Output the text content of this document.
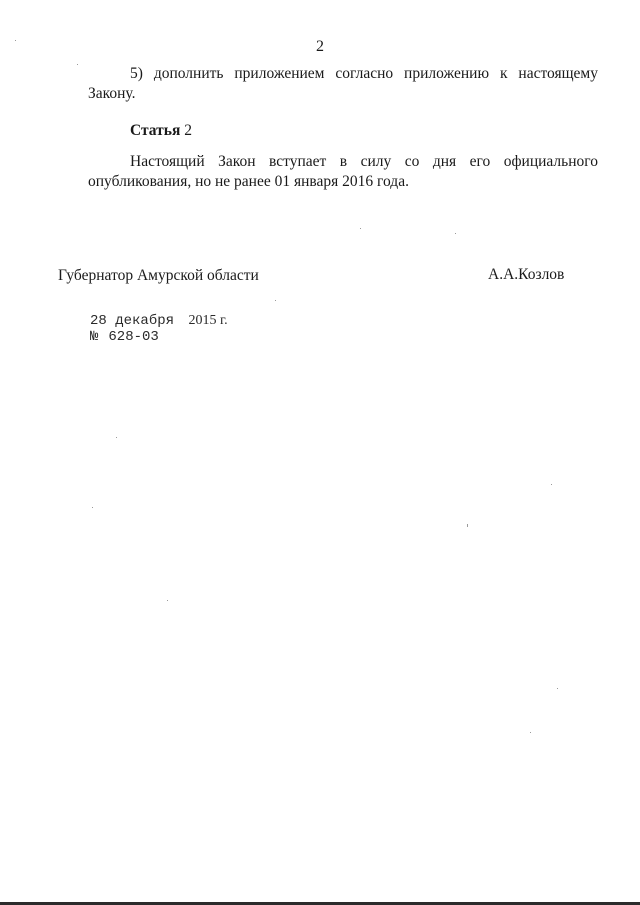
2
5) дополнить приложением согласно приложению к настоящему Закону.
Статья 2
Настоящий Закон вступает в силу со дня его официального опубликования, но не ранее 01 января 2016 года.
Губернатор Амурской области	А.А.Козлов
28 декабря 2015 г.
№ 628-03
